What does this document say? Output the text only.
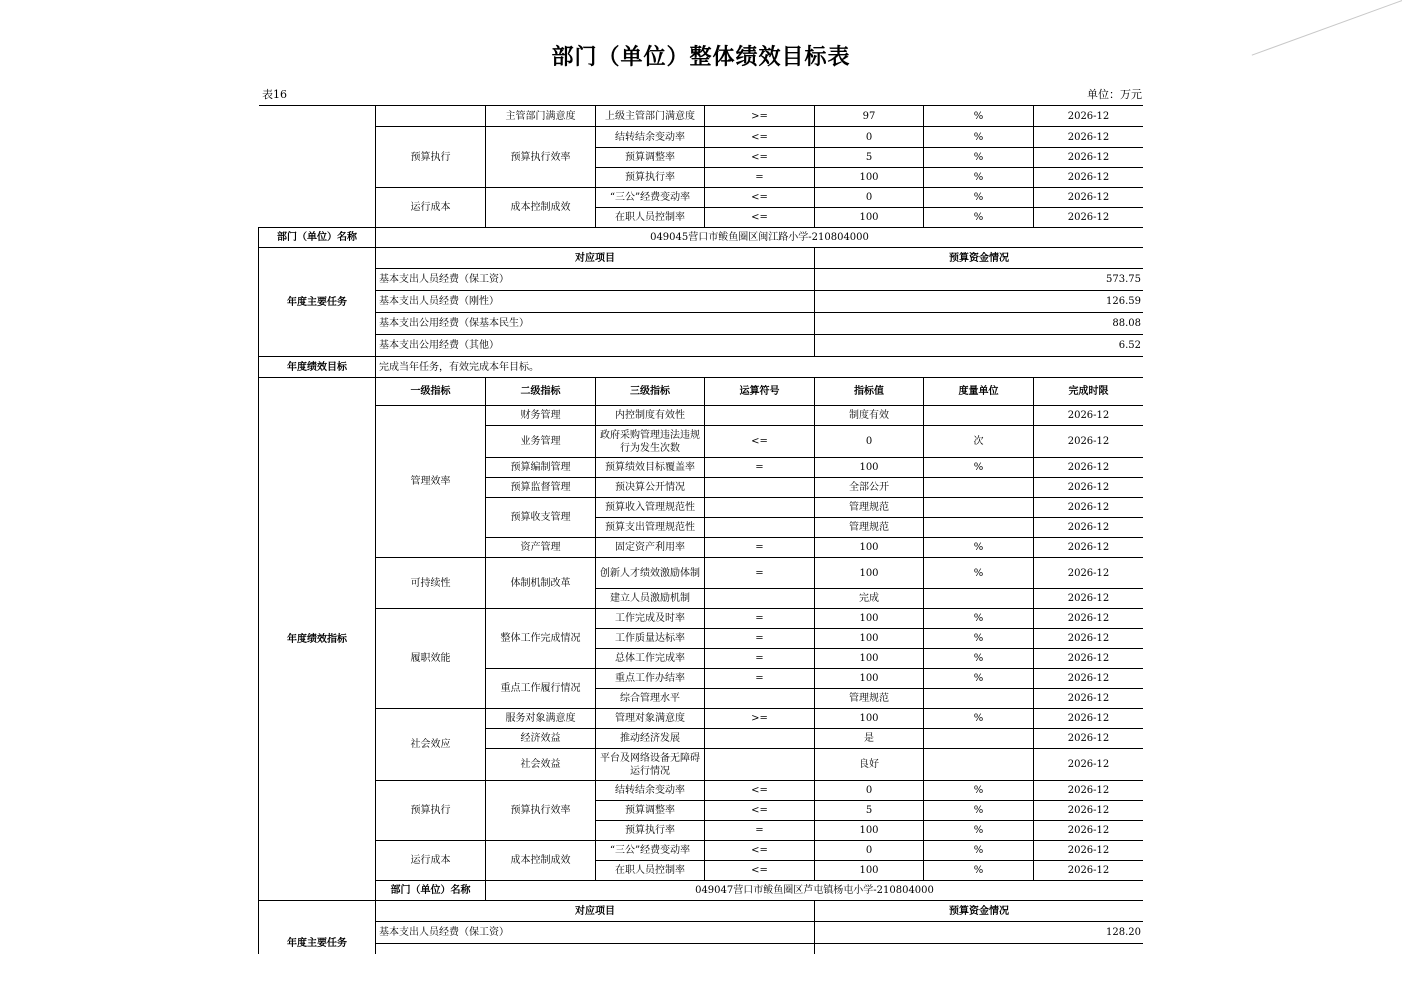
部门（单位）整体绩效目标表
表16	单位：万元
		主管部门满意度	上级主管部门满意度	>=	97	%	2026-12
	预算执行	预算执行效率	结转结余变动率	<=	0	%	2026-12
			预算调整率	<=	5	%	2026-12
			预算执行率	=	100	%	2026-12
	运行成本	成本控制成效	“三公”经费变动率	<=	0	%	2026-12
			在职人员控制率	<=	100	%	2026-12
部门（单位）名称	049045营口市鲅鱼圈区闽江路小学-210804000						
年度主要任务	对应项目				预算资金情况		
	基本支出人员经费（保工资）				573.75		
	基本支出人员经费（刚性）				126.59		
	基本支出公用经费（保基本民生）				88.08		
	基本支出公用经费（其他）				6.52		
年度绩效目标	完成当年任务，有效完成本年目标。						
年度绩效指标	一级指标	二级指标	三级指标	运算符号	指标值	度量单位	完成时限
	管理效率	财务管理	内控制度有效性		制度有效		2026-12
		业务管理	政府采购管理违法违规行为发生次数	<=	0	次	2026-12
		预算编制管理	预算绩效目标覆盖率	=	100	%	2026-12
		预算监督管理	预决算公开情况		全部公开		2026-12
		预算收支管理	预算收入管理规范性		管理规范		2026-12
			预算支出管理规范性		管理规范		2026-12
		资产管理	固定资产利用率	=	100	%	2026-12
	可持续性	体制机制改革	创新人才绩效激励体制	=	100	%	2026-12
			建立人员激励机制		完成		2026-12
	履职效能	整体工作完成情况	工作完成及时率	=	100	%	2026-12
			工作质量达标率	=	100	%	2026-12
			总体工作完成率	=	100	%	2026-12
		重点工作履行情况	重点工作办结率	=	100	%	2026-12
			综合管理水平		管理规范		2026-12
	社会效应	服务对象满意度	管理对象满意度	>=	100	%	2026-12
		经济效益	推动经济发展		是		2026-12
		社会效益	平台及网络设备无障碍运行情况		良好		2026-12
	预算执行	预算执行效率	结转结余变动率	<=	0	%	2026-12
			预算调整率	<=	5	%	2026-12
			预算执行率	=	100	%	2026-12
	运行成本	成本控制成效	“三公”经费变动率	<=	0	%	2026-12
			在职人员控制率	<=	100	%	2026-12
	部门（单位）名称	049047营口市鲅鱼圈区芦屯镇杨屯小学-210804000					
年度主要任务	对应项目				预算资金情况		
	基本支出人员经费（保工资）				128.20		
